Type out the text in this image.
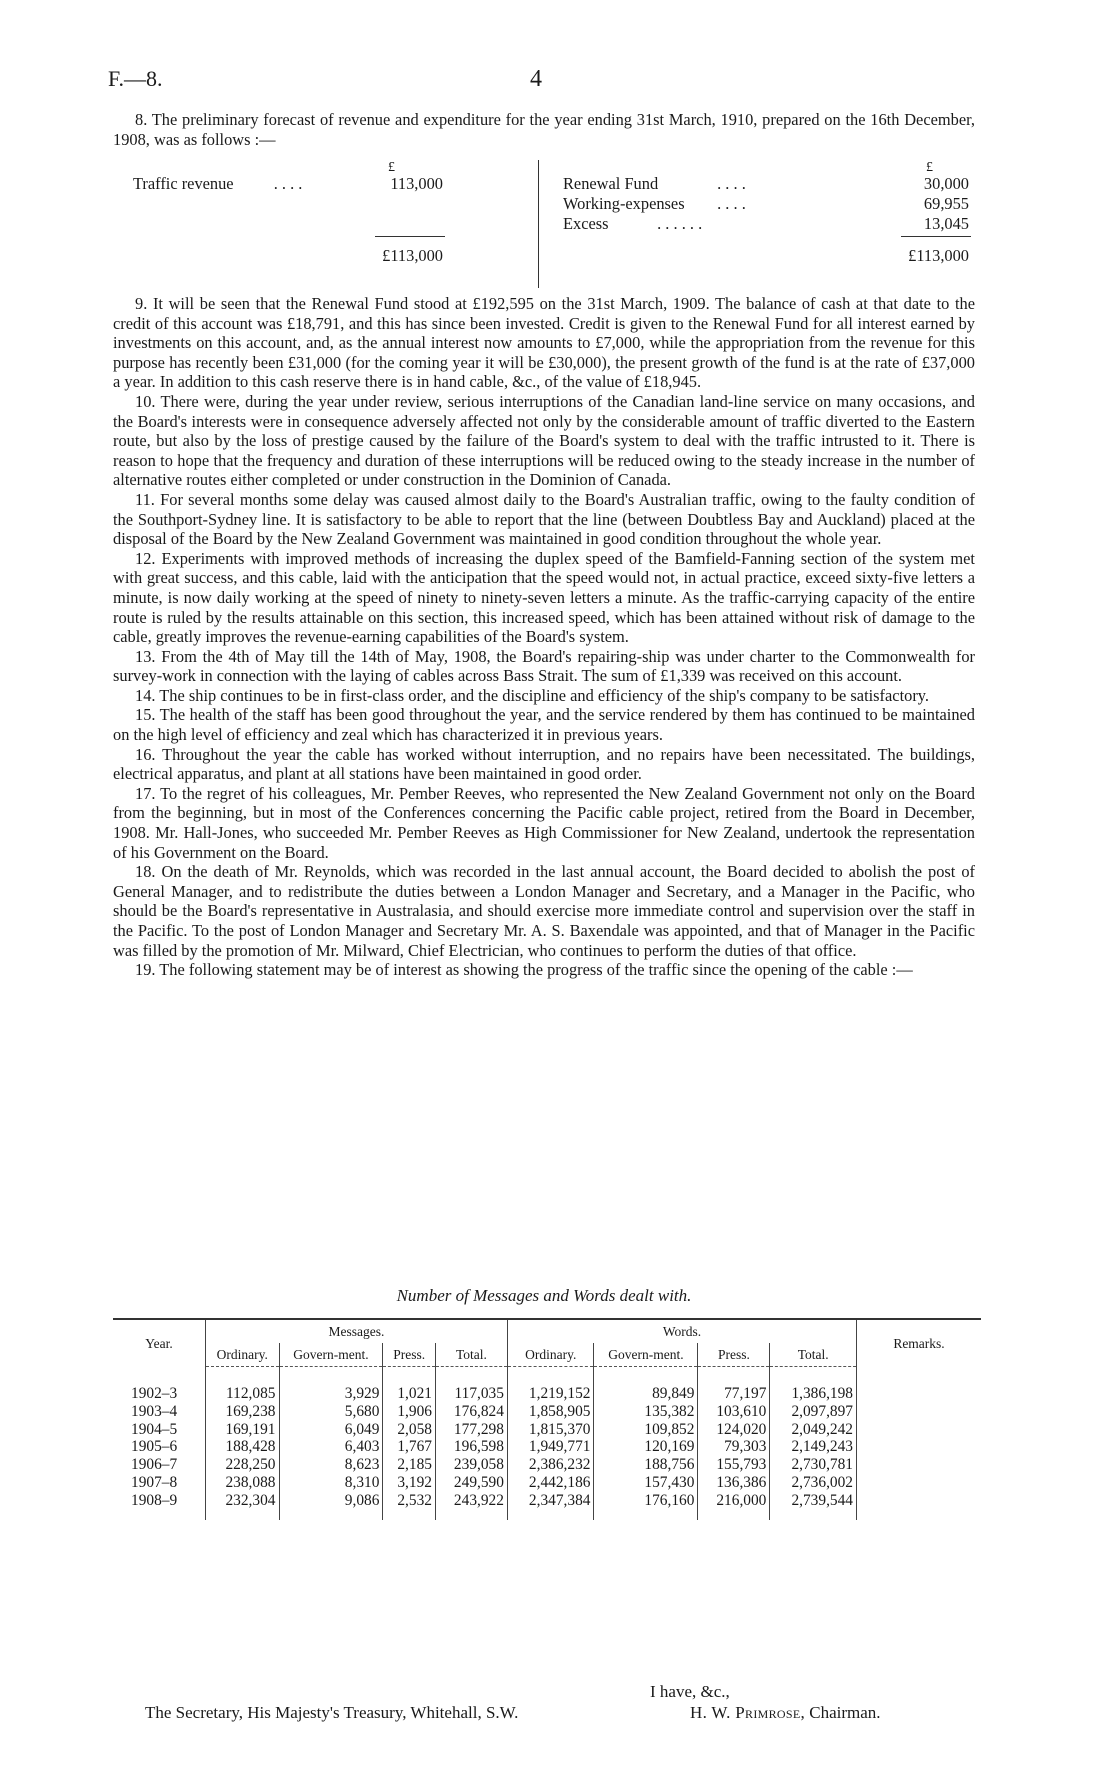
F.—8.	4

8. The preliminary forecast of revenue and expenditure for the year ending 31st March, 1910, prepared on the 16th December, 1908, was as follows :—

£
Traffic revenue . . . .	113,000
£113,000
£
Renewal Fund	. . . .	30,000
Working-expenses . . . .	69,955
Excess	. . . . . .	13,045
£113,000

9. It will be seen that the Renewal Fund stood at £192,595 on the 31st March, 1909. The balance of cash at that date to the credit of this account was £18,791, and this has since been invested. Credit is given to the Renewal Fund for all interest earned by investments on this account, and, as the annual interest now amounts to £7,000, while the appropriation from the revenue for this purpose has recently been £31,000 (for the coming year it will be £30,000), the present growth of the fund is at the rate of £37,000 a year. In addition to this cash reserve there is in hand cable, &c., of the value of £18,945.

10. There were, during the year under review, serious interruptions of the Canadian land-line service on many occasions, and the Board's interests were in consequence adversely affected not only by the considerable amount of traffic diverted to the Eastern route, but also by the loss of prestige caused by the failure of the Board's system to deal with the traffic intrusted to it. There is reason to hope that the frequency and duration of these interruptions will be reduced owing to the steady increase in the number of alternative routes either completed or under construction in the Dominion of Canada.

11. For several months some delay was caused almost daily to the Board's Australian traffic, owing to the faulty condition of the Southport-Sydney line. It is satisfactory to be able to report that the line (between Doubtless Bay and Auckland) placed at the disposal of the Board by the New Zealand Government was maintained in good condition throughout the whole year.

12. Experiments with improved methods of increasing the duplex speed of the Bamfield-Fanning section of the system met with great success, and this cable, laid with the anticipation that the speed would not, in actual practice, exceed sixty-five letters a minute, is now daily working at the speed of ninety to ninety-seven letters a minute. As the traffic-carrying capacity of the entire route is ruled by the results attainable on this section, this increased speed, which has been attained without risk of damage to the cable, greatly improves the revenue-earning capabilities of the Board's system.

13. From the 4th of May till the 14th of May, 1908, the Board's repairing-ship was under charter to the Commonwealth for survey-work in connection with the laying of cables across Bass Strait. The sum of £1,339 was received on this account.

14. The ship continues to be in first-class order, and the discipline and efficiency of the ship's company to be satisfactory.

15. The health of the staff has been good throughout the year, and the service rendered by them has continued to be maintained on the high level of efficiency and zeal which has characterized it in previous years.

16. Throughout the year the cable has worked without interruption, and no repairs have been necessitated. The buildings, electrical apparatus, and plant at all stations have been maintained in good order.

17. To the regret of his colleagues, Mr. Pember Reeves, who represented the New Zealand Government not only on the Board from the beginning, but in most of the Conferences concerning the Pacific cable project, retired from the Board in December, 1908. Mr. Hall-Jones, who succeeded Mr. Pember Reeves as High Commissioner for New Zealand, undertook the representation of his Government on the Board.

18. On the death of Mr. Reynolds, which was recorded in the last annual account, the Board decided to abolish the post of General Manager, and to redistribute the duties between a London Manager and Secretary, and a Manager in the Pacific, who should be the Board's representative in Australasia, and should exercise more immediate control and supervision over the staff in the Pacific. To the post of London Manager and Secretary Mr. A. S. Baxendale was appointed, and that of Manager in the Pacific was filled by the promotion of Mr. Milward, Chief Electrician, who continues to perform the duties of that office.

19. The following statement may be of interest as showing the progress of the traffic since the opening of the cable :—

Number of Messages and Words dealt with.
Year.	Messages.				Words.				Remarks.
	Ordinary.	Govern-ment.	Press.	Total.	Ordinary.	Govern-ment.	Press.	Total.	
1902–3	112,085	3,929	1,021	117,035	1,219,152	89,849	77,197	1,386,198	
1903–4	169,238	5,680	1,906	176,824	1,858,905	135,382	103,610	2,097,897	
1904–5	169,191	6,049	2,058	177,298	1,815,370	109,852	124,020	2,049,242	
1905–6	188,428	6,403	1,767	196,598	1,949,771	120,169	79,303	2,149,243	
1906–7	228,250	8,623	2,185	239,058	2,386,232	188,756	155,793	2,730,781	
1907–8	238,088	8,310	3,192	249,590	2,442,186	157,430	136,386	2,736,002	
1908–9	232,304	9,086	2,532	243,922	2,347,384	176,160	216,000	2,739,544	
I have, &c.,
The Secretary, His Majesty's Treasury, Whitehall, S.W.	H. W. Primrose, Chairman.
